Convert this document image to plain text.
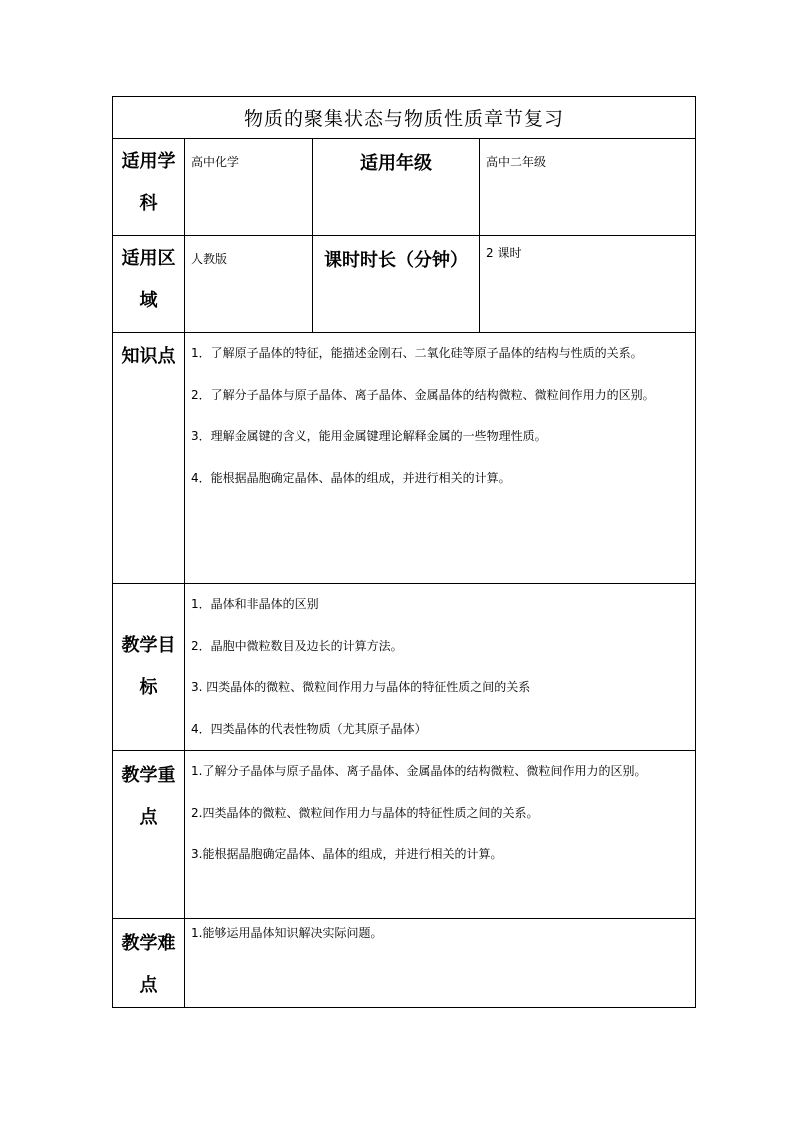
物质的聚集状态与物质性质章节复习			
适用学科	高中化学	适用年级	高中二年级
适用区域	人教版	课时时长（分钟）	2 课时
知识点	1．了解原子晶体的特征，能描述金刚石、二氧化硅等原子晶体的结构与性质的关系。

2．了解分子晶体与原子晶体、离子晶体、金属晶体的结构微粒、微粒间作用力的区别。

3．理解金属键的含义，能用金属键理论解释金属的一些物理性质。

4．能根据晶胞确定晶体、晶体的组成，并进行相关的计算。		

教学目标	1．晶体和非晶体的区别

2．晶胞中微粒数目及边长的计算方法。

3. 四类晶体的微粒、微粒间作用力与晶体的特征性质之间的关系

4．四类晶体的代表性物质（尤其原子晶体）		

教学重点	1.了解分子晶体与原子晶体、离子晶体、金属晶体的结构微粒、微粒间作用力的区别。

2.四类晶体的微粒、微粒间作用力与晶体的特征性质之间的关系。

3.能根据晶胞确定晶体、晶体的组成，并进行相关的计算。		

教学难点	1.能够运用晶体知识解决实际问题。		
